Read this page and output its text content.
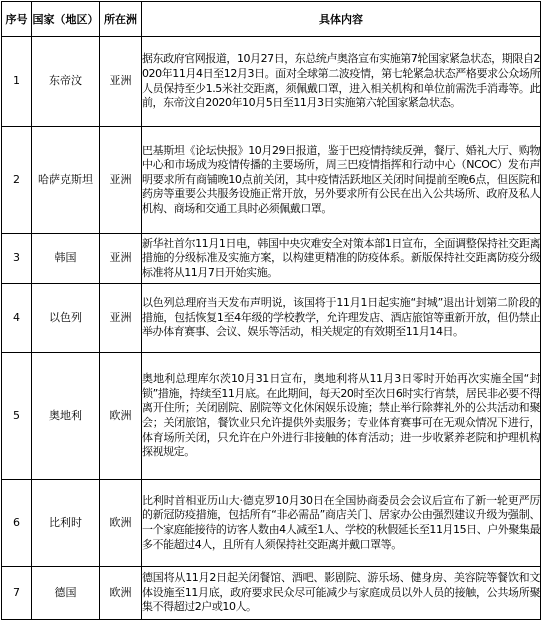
序号	国家（地区）	所在洲	具体内容
1	东帝汶	亚洲	据东政府官网报道，10月27日，东总统卢奥洛宣布实施第7轮国家紧急状态，期限自2020年11月4日至12月3日。面对全球第二波疫情，第七轮紧急状态严格要求公众场所人员保持至少1.5米社交距离，须佩戴口罩，进入相关机构和单位前需洗手消毒等。此前，东帝汶自2020年10月5日至11月3日实施第六轮国家紧急状态。
2	哈萨克斯坦	亚洲	巴基斯坦《论坛快报》10月29日报道，鉴于巴疫情持续反弹，餐厅、婚礼大厅、购物中心和市场成为疫情传播的主要场所，周三巴疫情指挥和行动中心（NCOC）发布声明要求所有商铺晚10点前关闭，其中疫情活跃地区关闭时间提前至晚6点，但医院和药房等重要公共服务设施正常开放，另外要求所有公民在出入公共场所、政府及私人机构、商场和交通工具时必须佩戴口罩。
3	韩国	亚洲	新华社首尔11月1日电，韩国中央灾难安全对策本部1日宣布，全面调整保持社交距离措施的分级标准及实施方案，以构建更精准的防疫体系。新版保持社交距离防疫分级标准将从11月7日开始实施。
4	以色列	亚洲	以色列总理府当天发布声明说，该国将于11月1日起实施“封城”退出计划第二阶段的措施，包括恢复1至4年级的学校教学，允许理发店、酒店旅馆等重新开放，但仍禁止举办体育赛事、会议、娱乐等活动，相关规定的有效期至11月14日。
5	奥地利	欧洲	奥地利总理库尔茨10月31日宣布，奥地利将从11月3日零时开始再次实施全国“封锁”措施，持续至11月底。在此期间，每天20时至次日6时实行宵禁，居民非必要不得离开住所；关闭剧院、剧院等文化休闲娱乐设施；禁止举行除葬礼外的公共活动和聚会；关闭旅馆，餐饮业只允许提供外卖服务；专业体育赛事可在无观众情况下进行，体育场所关闭，只允许在户外进行非接触的体育活动；进一步收紧养老院和护理机构探视规定。
6	比利时	欧洲	比利时首相亚历山大·德克罗10月30日在全国协商委员会会议后宣布了新一轮更严厉的新冠防疫措施，包括所有“非必需品”商店关门、居家办公由强烈建议升级为强制、一个家庭能接待的访客人数由4人减至1人、学校的秋假延长至11月15日、户外聚集最多不能超过4人，且所有人须保持社交距离并戴口罩等。
7	德国	欧洲	德国将从11月2日起关闭餐馆、酒吧、影剧院、游乐场、健身房、美容院等餐饮和文体设施至11月底，政府要求民众尽可能减少与家庭成员以外人员的接触，公共场所聚集不得超过2户或10人。
